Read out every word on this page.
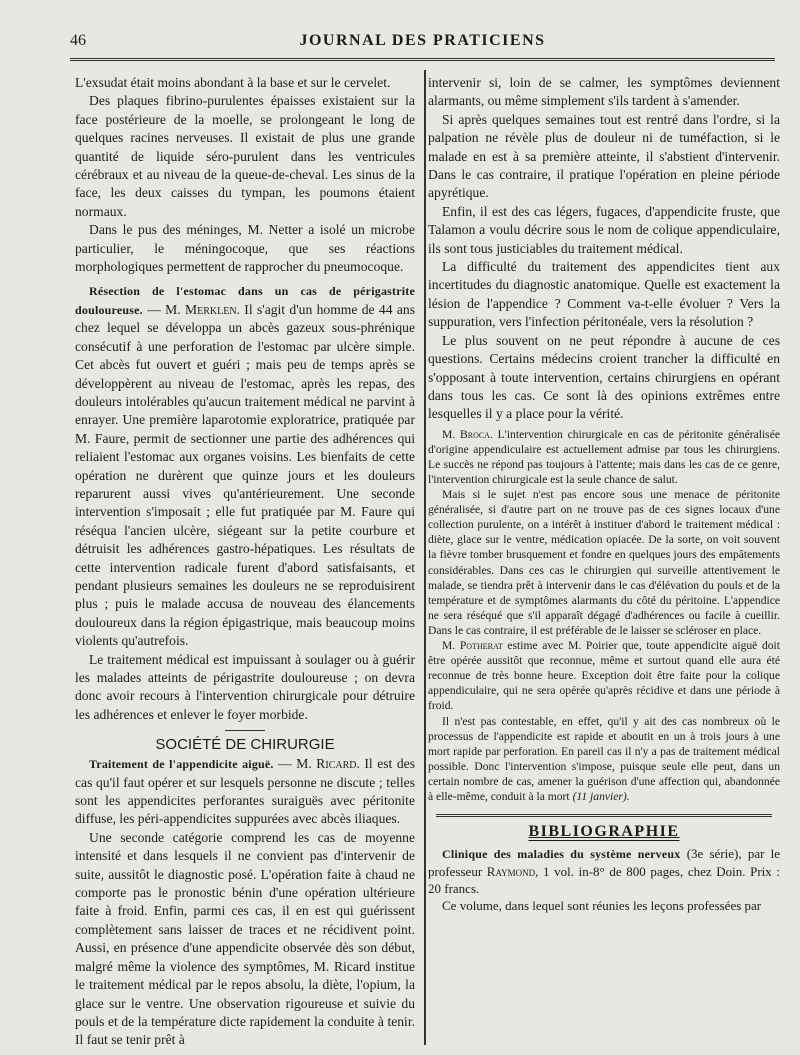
46	JOURNAL DES PRATICIENS

L'exsudat était moins abondant à la base et sur le cervelet.

Des plaques fibrino-purulentes épaisses existaient sur la face postérieure de la moelle, se prolongeant le long de quelques racines nerveuses. Il existait de plus une grande quantité de liquide séro-purulent dans les ventricules cérébraux et au niveau de la queue-de-cheval. Les sinus de la face, les deux caisses du tympan, les poumons étaient normaux.

Dans le pus des méninges, M. Netter a isolé un microbe particulier, le méningocoque, que ses réactions morphologiques permettent de rapprocher du pneumocoque.

Résection de l'estomac dans un cas de périgastrite douloureuse. — M. Merklen. Il s'agit d'un homme de 44 ans chez lequel se développa un abcès gazeux sous-phrénique consécutif à une perforation de l'estomac par ulcère simple. Cet abcès fut ouvert et guéri ; mais peu de temps après se développèrent au niveau de l'estomac, après les repas, des douleurs intolérables qu'aucun traitement médical ne parvint à enrayer. Une première laparotomie exploratrice, pratiquée par M. Faure, permit de sectionner une partie des adhérences qui reliaient l'estomac aux organes voisins. Les bienfaits de cette opération ne durèrent que quinze jours et les douleurs reparurent aussi vives qu'antérieurement. Une seconde intervention s'imposait ; elle fut pratiquée par M. Faure qui réséqua l'ancien ulcère, siégeant sur la petite courbure et détruisit les adhérences gastro-hépatiques. Les résultats de cette intervention radicale furent d'abord satisfaisants, et pendant plusieurs semaines les douleurs ne se reproduisirent plus ; puis le malade accusa de nouveau des élancements douloureux dans la région épigastrique, mais beaucoup moins violents qu'autrefois.

Le traitement médical est impuissant à soulager ou à guérir les malades atteints de périgastrite douloureuse ; on devra donc avoir recours à l'intervention chirurgicale pour détruire les adhérences et enlever le foyer morbide.

SOCIÉTÉ DE CHIRURGIE

Traitement de l'appendicite aiguë. — M. Ricard. Il est des cas qu'il faut opérer et sur lesquels personne ne discute ; telles sont les appendicites perforantes suraiguës avec péritonite diffuse, les péri-appendicites suppurées avec abcès iliaques.

Une seconde catégorie comprend les cas de moyenne intensité et dans lesquels il ne convient pas d'intervenir de suite, aussitôt le diagnostic posé. L'opération faite à chaud ne comporte pas le pronostic bénin d'une opération ultérieure faite à froid. Enfin, parmi ces cas, il en est qui guérissent complètement sans laisser de traces et ne récidivent point. Aussi, en présence d'une appendicite observée dès son début, malgré même la violence des symptômes, M. Ricard institue le traitement médical par le repos absolu, la diète, l'opium, la glace sur le ventre. Une observation rigoureuse et suivie du pouls et de la température dicte rapidement la conduite à tenir. Il faut se tenir prêt à

intervenir si, loin de se calmer, les symptômes deviennent alarmants, ou même simplement s'ils tardent à s'amender.

Si après quelques semaines tout est rentré dans l'ordre, si la palpation ne révèle plus de douleur ni de tuméfaction, si le malade en est à sa première atteinte, il s'abstient d'intervenir. Dans le cas contraire, il pratique l'opération en pleine période apyrétique.

Enfin, il est des cas légers, fugaces, d'appendicite fruste, que Talamon a voulu décrire sous le nom de colique appendiculaire, ils sont tous justiciables du traitement médical.

La difficulté du traitement des appendicites tient aux incertitudes du diagnostic anatomique. Quelle est exactement la lésion de l'appendice ? Comment va-t-elle évoluer ? Vers la suppuration, vers l'infection péritonéale, vers la résolution ?

Le plus souvent on ne peut répondre à aucune de ces questions. Certains médecins croient trancher la difficulté en s'opposant à toute intervention, certains chirurgiens en opérant dans tous les cas. Ce sont là des opinions extrêmes entre lesquelles il y a place pour la vérité.

M. Broca. L'intervention chirurgicale en cas de péritonite généralisée d'origine appendiculaire est actuellement admise par tous les chirurgiens. Le succès ne répond pas toujours à l'attente; mais dans les cas de ce genre, l'intervention chirurgicale est la seule chance de salut.

Mais si le sujet n'est pas encore sous une menace de péritonite généralisée, si d'autre part on ne trouve pas de ces signes locaux d'une collection purulente, on a intérêt à instituer d'abord le traitement médical : diète, glace sur le ventre, médication opiacée. De la sorte, on voit souvent la fièvre tomber brusquement et fondre en quelques jours des empâtements considérables. Dans ces cas le chirurgien qui surveille attentivement le malade, se tiendra prêt à intervenir dans le cas d'élévation du pouls et de la température et de symptômes alarmants du côté du péritoine. L'appendice ne sera réséqué que s'il apparaît dégagé d'adhérences ou facile à cueillir. Dans le cas contraire, il est préférable de le laisser se scléroser en place.

M. Potherat estime avec M. Poirier que, toute appendicite aiguë doit être opérée aussitôt que reconnue, même et surtout quand elle aura été reconnue de très bonne heure. Exception doit être faite pour la colique appendiculaire, qui ne sera opérée qu'après récidive et dans une période à froid.

Il n'est pas contestable, en effet, qu'il y ait des cas nombreux où le processus de l'appendicite est rapide et aboutit en un à trois jours à une mort rapide par perforation. En pareil cas il n'y a pas de traitement médical possible. Donc l'intervention s'impose, puisque seule elle peut, dans un certain nombre de cas, amener la guérison d'une affection qui, abandonnée à elle-même, conduit à la mort (11 janvier).

BIBLIOGRAPHIE

Clinique des maladies du système nerveux (3e série), par le professeur Raymond, 1 vol. in-8° de 800 pages, chez Doin. Prix : 20 francs.

Ce volume, dans lequel sont réunies les leçons professées par
